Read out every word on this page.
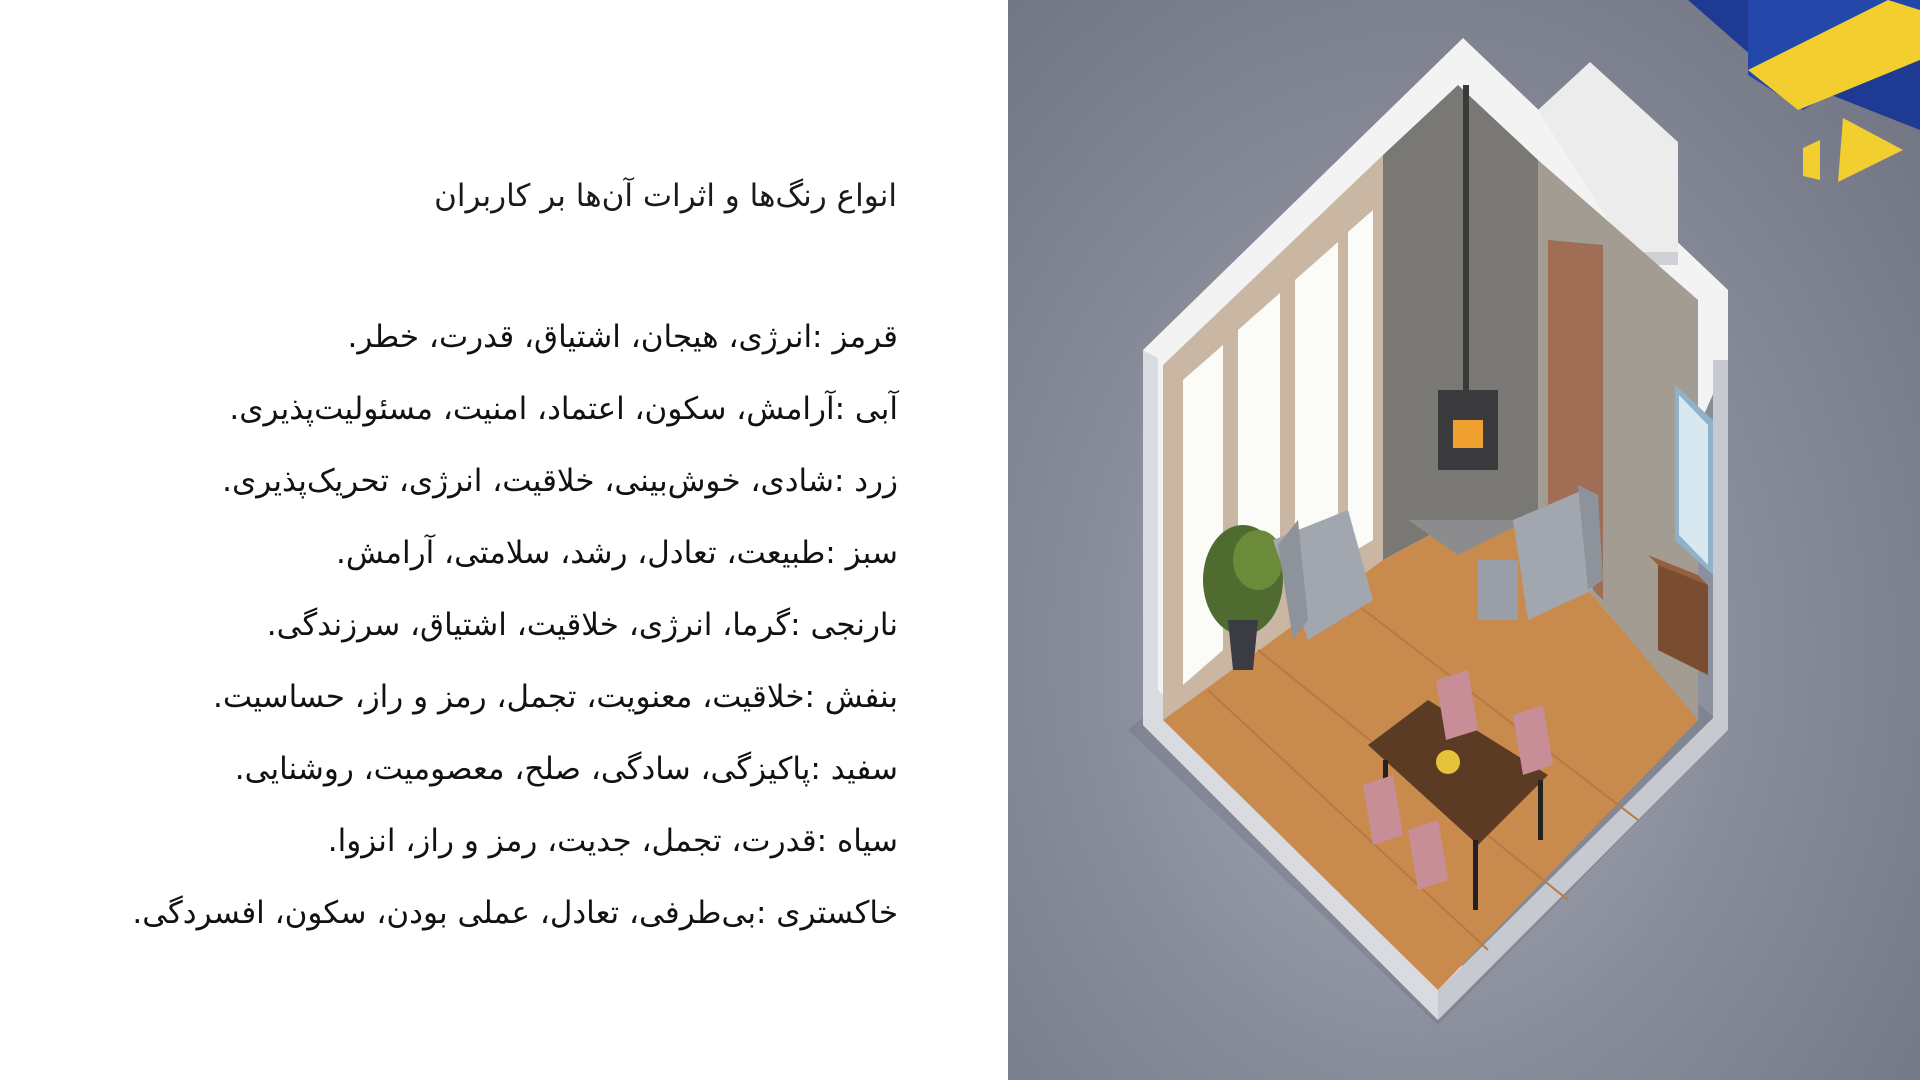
انواع رنگ‌ها و اثرات آن‌ها بر کاربران
قرمز :انرژی، هیجان، اشتیاق، قدرت، خطر.
آبی :آرامش، سکون، اعتماد، امنیت، مسئولیت‌پذیری.
زرد :شادی، خوش‌بینی، خلاقیت، انرژی، تحریک‌پذیری.
سبز :طبیعت، تعادل، رشد، سلامتی، آرامش.
نارنجی :گرما، انرژی، خلاقیت، اشتیاق، سرزندگی.
بنفش :خلاقیت، معنویت، تجمل، رمز و راز، حساسیت.
سفید :پاکیزگی، سادگی، صلح، معصومیت، روشنایی.
سیاه :قدرت، تجمل، جدیت، رمز و راز، انزوا.
خاکستری :بی‌طرفی، تعادل، عملی بودن، سکون، افسردگی.
